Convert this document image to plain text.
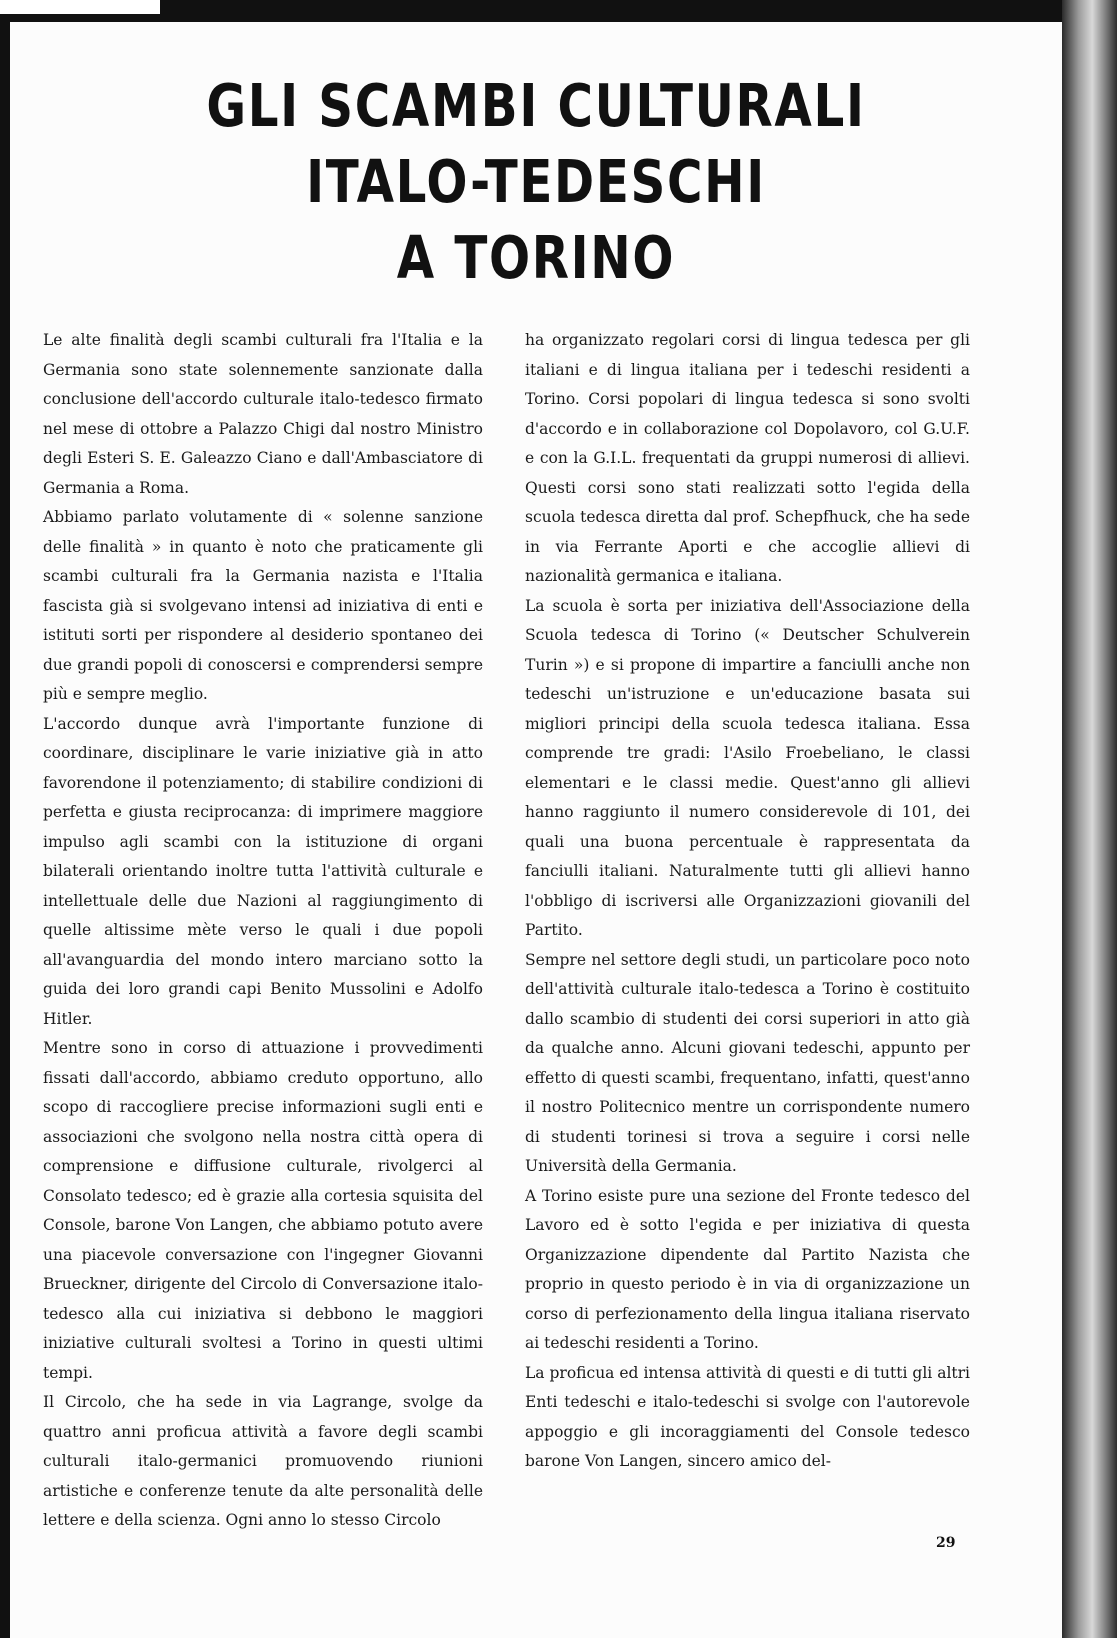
GLI SCAMBI CULTURALI ITALO-TEDESCHI
A TORINO

Le alte finalità degli scambi culturali fra l'Italia e la Germania sono state solennemente sanzionate dalla conclusione dell'accordo culturale italo-tedesco firmato nel mese di ottobre a Palazzo Chigi dal nostro Ministro degli Esteri S. E. Galeazzo Ciano e dall'Ambasciatore di Germania a Roma.

Abbiamo parlato volutamente di « solenne sanzione delle finalità » in quanto è noto che praticamente gli scambi culturali fra la Germania nazista e l'Italia fascista già si svolgevano intensi ad iniziativa di enti e istituti sorti per rispondere al desiderio spontaneo dei due grandi popoli di conoscersi e comprendersi sempre più e sempre meglio.

L'accordo dunque avrà l'importante funzione di coordinare, disciplinare le varie iniziative già in atto favorendone il potenziamento; di stabilire condizioni di perfetta e giusta reciprocanza: di imprimere maggiore impulso agli scambi con la istituzione di organi bilaterali orientando inoltre tutta l'attività culturale e intellettuale delle due Nazioni al raggiungimento di quelle altissime mète verso le quali i due popoli all'avanguardia del mondo intero marciano sotto la guida dei loro grandi capi Benito Mussolini e Adolfo Hitler.

Mentre sono in corso di attuazione i provvedimenti fissati dall'accordo, abbiamo creduto opportuno, allo scopo di raccogliere precise informazioni sugli enti e associazioni che svolgono nella nostra città opera di comprensione e diffusione culturale, rivolgerci al Consolato tedesco; ed è grazie alla cortesia squisita del Console, barone Von Langen, che abbiamo potuto avere una piacevole conversazione con l'ingegner Giovanni Brueckner, dirigente del Circolo di Conversazione italo-tedesco alla cui iniziativa si debbono le maggiori iniziative culturali svoltesi a Torino in questi ultimi tempi.

Il Circolo, che ha sede in via Lagrange, svolge da quattro anni proficua attività a favore degli scambi culturali italo-germanici promuovendo riunioni artistiche e conferenze tenute da alte personalità delle lettere e della scienza. Ogni anno lo stesso Circolo

ha organizzato regolari corsi di lingua tedesca per gli italiani e di lingua italiana per i tedeschi residenti a Torino. Corsi popolari di lingua tedesca si sono svolti d'accordo e in collaborazione col Dopolavoro, col G.U.F. e con la G.I.L. frequentati da gruppi numerosi di allievi. Questi corsi sono stati realizzati sotto l'egida della scuola tedesca diretta dal prof. Schepfhuck, che ha sede in via Ferrante Aporti e che accoglie allievi di nazionalità germanica e italiana.

La scuola è sorta per iniziativa dell'Associazione della Scuola tedesca di Torino (« Deutscher Schulverein Turin ») e si propone di impartire a fanciulli anche non tedeschi un'istruzione e un'educazione basata sui migliori principi della scuola tedesca italiana. Essa comprende tre gradi: l'Asilo Froebeliano, le classi elementari e le classi medie. Quest'anno gli allievi hanno raggiunto il numero considerevole di 101, dei quali una buona percentuale è rappresentata da fanciulli italiani. Naturalmente tutti gli allievi hanno l'obbligo di iscriversi alle Organizzazioni giovanili del Partito.

Sempre nel settore degli studi, un particolare poco noto dell'attività culturale italo-tedesca a Torino è costituito dallo scambio di studenti dei corsi superiori in atto già da qualche anno. Alcuni giovani tedeschi, appunto per effetto di questi scambi, frequentano, infatti, quest'anno il nostro Politecnico mentre un corrispondente numero di studenti torinesi si trova a seguire i corsi nelle Università della Germania.

A Torino esiste pure una sezione del Fronte tedesco del Lavoro ed è sotto l'egida e per iniziativa di questa Organizzazione dipendente dal Partito Nazista che proprio in questo periodo è in via di organizzazione un corso di perfezionamento della lingua italiana riservato ai tedeschi residenti a Torino.

La proficua ed intensa attività di questi e di tutti gli altri Enti tedeschi e italo-tedeschi si svolge con l'autorevole appoggio e gli incoraggiamenti del Console tedesco barone Von Langen, sincero amico del-

29
